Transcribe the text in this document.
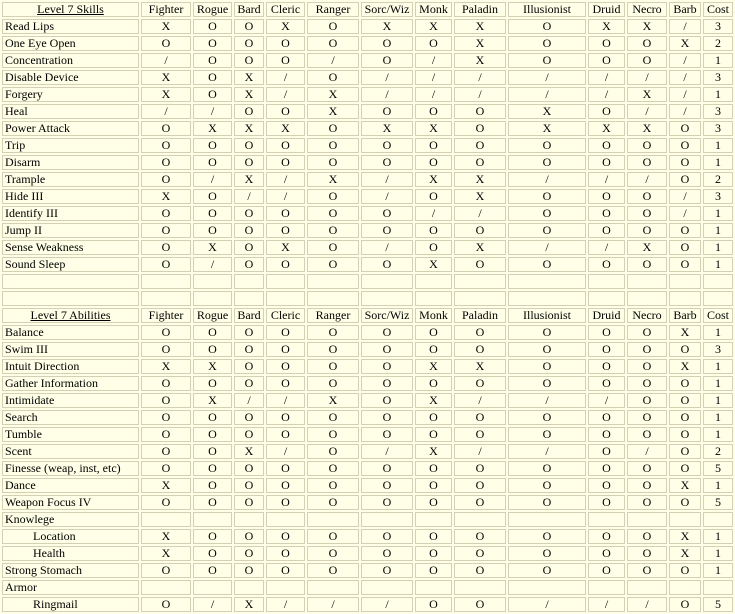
Level 7 Skills	Fighter	Rogue	Bard	Cleric	Ranger	Sorc/Wiz	Monk	Paladin	Illusionist	Druid	Necro	Barb	Cost
Read Lips	X	O	O	X	O	X	X	X	O	X	X	/	3
One Eye Open	O	O	O	O	O	O	O	X	O	O	O	X	2
Concentration	/	O	O	O	/	O	/	X	O	O	O	/	1
Disable Device	X	O	X	/	O	/	/	/	/	/	/	/	3
Forgery	X	O	X	/	X	/	/	/	/	/	X	/	1
Heal	/	/	O	O	X	O	O	O	X	O	/	/	3
Power Attack	O	X	X	X	O	X	X	O	X	X	X	O	3
Trip	O	O	O	O	O	O	O	O	O	O	O	O	1
Disarm	O	O	O	O	O	O	O	O	O	O	O	O	1
Trample	O	/	X	/	X	/	X	X	/	/	/	O	2
Hide III	X	O	/	/	O	/	O	X	O	O	O	/	3
Identify III	O	O	O	O	O	O	/	/	O	O	O	/	1
Jump II	O	O	O	O	O	O	O	O	O	O	O	O	1
Sense Weakness	O	X	O	X	O	/	O	X	/	/	X	O	1
Sound Sleep	O	/	O	O	O	O	X	O	O	O	O	O	1

Level 7 Abilities	Fighter	Rogue	Bard	Cleric	Ranger	Sorc/Wiz	Monk	Paladin	Illusionist	Druid	Necro	Barb	Cost
Balance	O	O	O	O	O	O	O	O	O	O	O	X	1
Swim III	O	O	O	O	O	O	O	O	O	O	O	O	3
Intuit Direction	X	X	O	O	O	O	X	X	O	O	O	X	1
Gather Information	O	O	O	O	O	O	O	O	O	O	O	O	1
Intimidate	O	X	/	/	X	O	X	/	/	/	O	O	1
Search	O	O	O	O	O	O	O	O	O	O	O	O	1
Tumble	O	O	O	O	O	O	O	O	O	O	O	O	1
Scent	O	O	X	/	O	/	X	/	/	O	/	O	2
Finesse (weap, inst, etc)	O	O	O	O	O	O	O	O	O	O	O	O	5
Dance	X	O	O	O	O	O	O	O	O	O	O	X	1
Weapon Focus IV	O	O	O	O	O	O	O	O	O	O	O	O	5
Knowlege													
Location	X	O	O	O	O	O	O	O	O	O	O	X	1
Health	X	O	O	O	O	O	O	O	O	O	O	X	1
Strong Stomach	O	O	O	O	O	O	O	O	O	O	O	O	1
Armor													
Ringmail	O	/	X	/	/	/	O	O	/	/	/	O	5
